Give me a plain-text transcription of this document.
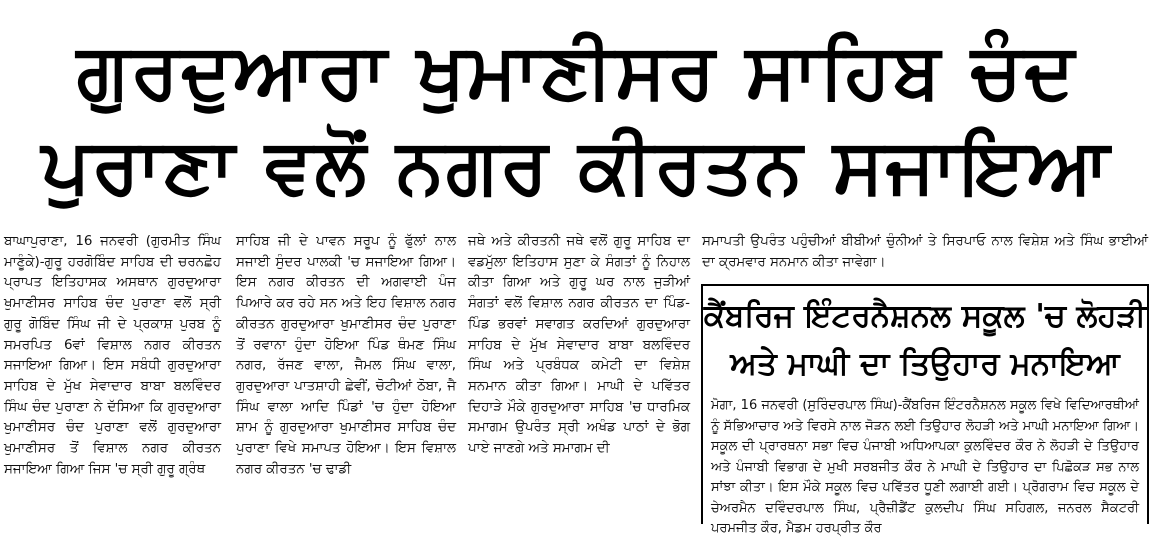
ਗੁਰਦੁਆਰਾ ਖੁਮਾਣੀਸਰ ਸਾਹਿਬ ਚੰਦ
ਪੁਰਾਣਾ ਵਲੋਂ ਨਗਰ ਕੀਰਤਨ ਸਜਾਇਆ

ਬਾਘਾਪੁਰਾਣਾ, 16 ਜਨਵਰੀ (ਗੁਰਮੀਤ ਸਿੰਘ ਮਾਣੂੰਕੇ)-ਗੁਰੂ ਹਰਗੋਬਿੰਦ ਸਾਹਿਬ ਦੀ ਚਰਨਛੋਹ ਪ੍ਰਾਪਤ ਇਤਿਹਾਸਕ ਅਸਥਾਨ ਗੁਰਦੁਆਰਾ ਖੁਮਾਣੀਸਰ ਸਾਹਿਬ ਚੰਦ ਪੁਰਾਣਾ ਵਲੋਂ ਸ੍ਰੀ ਗੁਰੂ ਗੋਬਿੰਦ ਸਿੰਘ ਜੀ ਦੇ ਪ੍ਰਕਾਸ਼ ਪੁਰਬ ਨੂੰ ਸਮਰਪਿਤ 6ਵਾਂ ਵਿਸ਼ਾਲ ਨਗਰ ਕੀਰਤਨ ਸਜਾਇਆ ਗਿਆ। ਇਸ ਸਬੰਧੀ ਗੁਰਦੁਆਰਾ ਸਾਹਿਬ ਦੇ ਮੁੱਖ ਸੇਵਾਦਾਰ ਬਾਬਾ ਬਲਵਿੰਦਰ ਸਿੰਘ ਚੰਦ ਪੁਰਾਣਾ ਨੇ ਦੱਸਿਆ ਕਿ ਗੁਰਦੁਆਰਾ ਖੁਮਾਣੀਸਰ ਚੰਦ ਪੁਰਾਣਾ ਵਲੋਂ ਗੁਰਦੁਆਰਾ ਖੁਮਾਣੀਸਰ ਤੋਂ ਵਿਸ਼ਾਲ ਨਗਰ ਕੀਰਤਨ ਸਜਾਇਆ ਗਿਆ ਜਿਸ 'ਚ ਸ੍ਰੀ ਗੁਰੂ ਗ੍ਰੰਥ

ਸਾਹਿਬ ਜੀ ਦੇ ਪਾਵਨ ਸਰੂਪ ਨੂੰ ਫੁੱਲਾਂ ਨਾਲ ਸਜਾਈ ਸੁੰਦਰ ਪਾਲਕੀ 'ਚ ਸਜਾਇਆ ਗਿਆ। ਇਸ ਨਗਰ ਕੀਰਤਨ ਦੀ ਅਗਵਾਈ ਪੰਜ ਪਿਆਰੇ ਕਰ ਰਹੇ ਸਨ ਅਤੇ ਇਹ ਵਿਸ਼ਾਲ ਨਗਰ ਕੀਰਤਨ ਗੁਰਦੁਆਰਾ ਖੁਮਾਣੀਸਰ ਚੰਦ ਪੁਰਾਣਾ ਤੋਂ ਰਵਾਨਾ ਹੁੰਦਾ ਹੋਇਆ ਪਿੰਡ ਥੰਮਣ ਸਿੰਘ ਨਗਰ, ਰੱਜਣ ਵਾਲਾ, ਜੈਮਲ ਸਿੰਘ ਵਾਲਾ, ਗੁਰਦੁਆਰਾ ਪਾਤਸ਼ਾਹੀ ਛੇਵੀਂ, ਚੋਟੀਆਂ ਠੋਬਾ, ਜੈ ਸਿੰਘ ਵਾਲਾ ਆਦਿ ਪਿੰਡਾਂ 'ਚ ਹੁੰਦਾ ਹੋਇਆ ਸ਼ਾਮ ਨੂੰ ਗੁਰਦੁਆਰਾ ਖੁਮਾਣੀਸਰ ਸਾਹਿਬ ਚੰਦ ਪੁਰਾਣਾ ਵਿਖੇ ਸਮਾਪਤ ਹੋਇਆ। ਇਸ ਵਿਸ਼ਾਲ ਨਗਰ ਕੀਰਤਨ 'ਚ ਢਾਡੀ

ਜਥੇ ਅਤੇ ਕੀਰਤਨੀ ਜਥੇ ਵਲੋਂ ਗੁਰੂ ਸਾਹਿਬ ਦਾ ਵਡਮੁੱਲਾ ਇਤਿਹਾਸ ਸੁਣਾ ਕੇ ਸੰਗਤਾਂ ਨੂੰ ਨਿਹਾਲ ਕੀਤਾ ਗਿਆ ਅਤੇ ਗੁਰੂ ਘਰ ਨਾਲ ਜੁੜੀਆਂ ਸੰਗਤਾਂ ਵਲੋਂ ਵਿਸ਼ਾਲ ਨਗਰ ਕੀਰਤਨ ਦਾ ਪਿੰਡ-ਪਿੰਡ ਭਰਵਾਂ ਸਵਾਗਤ ਕਰਦਿਆਂ ਗੁਰਦੁਆਰਾ ਸਾਹਿਬ ਦੇ ਮੁੱਖ ਸੇਵਾਦਾਰ ਬਾਬਾ ਬਲਵਿੰਦਰ ਸਿੰਘ ਅਤੇ ਪ੍ਰਬੰਧਕ ਕਮੇਟੀ ਦਾ ਵਿਸ਼ੇਸ਼ ਸਨਮਾਨ ਕੀਤਾ ਗਿਆ। ਮਾਘੀ ਦੇ ਪਵਿੱਤਰ ਦਿਹਾੜੇ ਮੌਕੇ ਗੁਰਦੁਆਰਾ ਸਾਹਿਬ 'ਚ ਧਾਰਮਿਕ ਸਮਾਗਮ ਉਪਰੰਤ ਸ੍ਰੀ ਅਖੰਡ ਪਾਠਾਂ ਦੇ ਭੋਗ ਪਾਏ ਜਾਣਗੇ ਅਤੇ ਸਮਾਗਮ ਦੀ

ਸਮਾਪਤੀ ਉਪਰੰਤ ਪਹੁੰਚੀਆਂ ਬੀਬੀਆਂ ਚੁੰਨੀਆਂ ਤੇ ਸਿਰਪਾਓ ਨਾਲ ਵਿਸ਼ੇਸ਼ ਅਤੇ ਸਿੰਘ ਭਾਈਆਂ ਦਾ ਕ੍ਰਮਵਾਰ ਸਨਮਾਨ ਕੀਤਾ ਜਾਵੇਗਾ।

ਕੈਂਬਰਿਜ ਇੰਟਰਨੈਸ਼ਨਲ ਸਕੂਲ 'ਚ ਲੋਹੜੀ
ਅਤੇ ਮਾਘੀ ਦਾ ਤਿਉਹਾਰ ਮਨਾਇਆ

ਮੋਗਾ, 16 ਜਨਵਰੀ (ਸੁਰਿੰਦਰਪਾਲ ਸਿੰਘ)-ਕੈਂਬਰਿਜ ਇੰਟਰਨੈਸ਼ਨਲ ਸਕੂਲ ਵਿਖੇ ਵਿਦਿਆਰਥੀਆਂ ਨੂੰ ਸੱਭਿਆਚਾਰ ਅਤੇ ਵਿਰਸੇ ਨਾਲ ਜੋੜਨ ਲਈ ਤਿਉਹਾਰ ਲੋਹੜੀ ਅਤੇ ਮਾਘੀ ਮਨਾਇਆ ਗਿਆ। ਸਕੂਲ ਦੀ ਪ੍ਰਾਰਥਨਾ ਸਭਾ ਵਿਚ ਪੰਜਾਬੀ ਅਧਿਆਪਕਾ ਕੁਲਵਿੰਦਰ ਕੌਰ ਨੇ ਲੋਹੜੀ ਦੇ ਤਿਉਹਾਰ ਅਤੇ ਪੰਜਾਬੀ ਵਿਭਾਗ ਦੇ ਮੁਖੀ ਸਰਬਜੀਤ ਕੌਰ ਨੇ ਮਾਘੀ ਦੇ ਤਿਉਹਾਰ ਦਾ ਪਿਛੋਕੜ ਸਭ ਨਾਲ ਸਾਂਝਾ ਕੀਤਾ। ਇਸ ਮੌਕੇ ਸਕੂਲ ਵਿਚ ਪਵਿੱਤਰ ਧੂਣੀ ਲਗਾਈ ਗਈ। ਪ੍ਰੋਗਰਾਮ ਵਿਚ ਸਕੂਲ ਦੇ ਚੇਅਰਮੈਨ ਦਵਿੰਦਰਪਾਲ ਸਿੰਘ, ਪ੍ਰੈਜ਼ੀਡੈਂਟ ਕੁਲਦੀਪ ਸਿੰਘ ਸਹਿਗਲ, ਜਨਰਲ ਸੈਕਟਰੀ ਪਰਮਜੀਤ ਕੌਰ, ਮੈਡਮ ਹਰਪ੍ਰੀਤ ਕੌਰ
